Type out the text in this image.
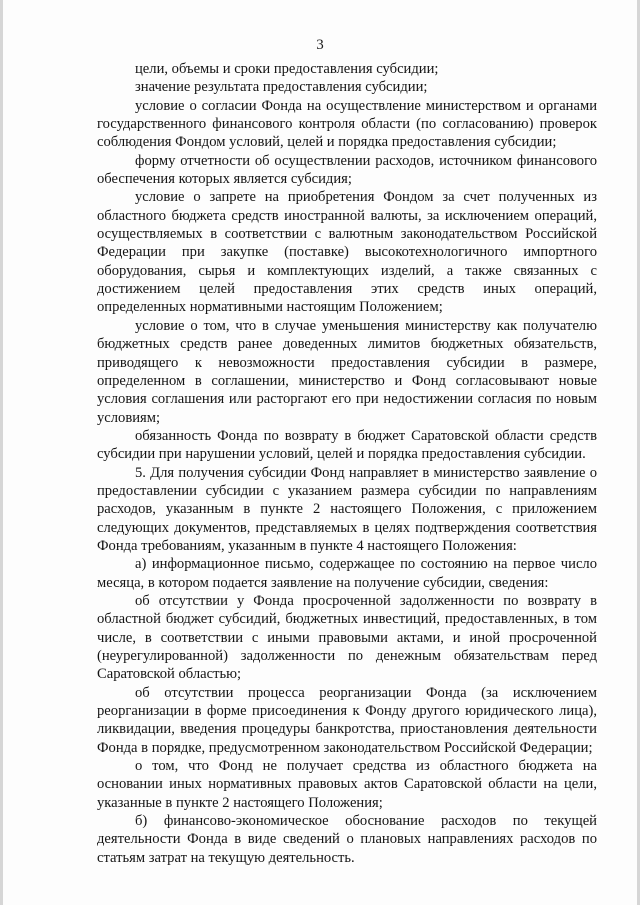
3

цели, объемы и сроки предоставления субсидии;

значение результата предоставления субсидии;

условие о согласии Фонда на осуществление министерством и органами государственного финансового контроля области (по согласованию) проверок соблюдения Фондом условий, целей и порядка предоставления субсидии;

форму отчетности об осуществлении расходов, источником финансового обеспечения которых является субсидия;

условие о запрете на приобретения Фондом за счет полученных из областного бюджета средств иностранной валюты, за исключением операций, осуществляемых в соответствии с валютным законодательством Российской Федерации при закупке (поставке) высокотехнологичного импортного оборудования, сырья и комплектующих изделий, а также связанных с достижением целей предоставления этих средств иных операций, определенных нормативными настоящим Положением;

условие о том, что в случае уменьшения министерству как получателю бюджетных средств ранее доведенных лимитов бюджетных обязательств, приводящего к невозможности предоставления субсидии в размере, определенном в соглашении, министерство и Фонд согласовывают новые условия соглашения или расторгают его при недостижении согласия по новым условиям;

обязанность Фонда по возврату в бюджет Саратовской области средств субсидии при нарушении условий, целей и порядка предоставления субсидии.

5. Для получения субсидии Фонд направляет в министерство заявление о предоставлении субсидии с указанием размера субсидии по направлениям расходов, указанным в пункте 2 настоящего Положения, с приложением следующих документов, представляемых в целях подтверждения соответствия Фонда требованиям, указанным в пункте 4 настоящего Положения:

а) информационное письмо, содержащее по состоянию на первое число месяца, в котором подается заявление на получение субсидии, сведения:

об отсутствии у Фонда просроченной задолженности по возврату в областной бюджет субсидий, бюджетных инвестиций, предоставленных, в том числе, в соответствии с иными правовыми актами, и иной просроченной (неурегулированной) задолженности по денежным обязательствам перед Саратовской областью;

об отсутствии процесса реорганизации Фонда (за исключением реорганизации в форме присоединения к Фонду другого юридического лица), ликвидации, введения процедуры банкротства, приостановления деятельности Фонда в порядке, предусмотренном законодательством Российской Федерации;

о том, что Фонд не получает средства из областного бюджета на основании иных нормативных правовых актов Саратовской области на цели, указанные в пункте 2 настоящего Положения;

б) финансово-экономическое обоснование расходов по текущей деятельности Фонда в виде сведений о плановых направлениях расходов по статьям затрат на текущую деятельность.
